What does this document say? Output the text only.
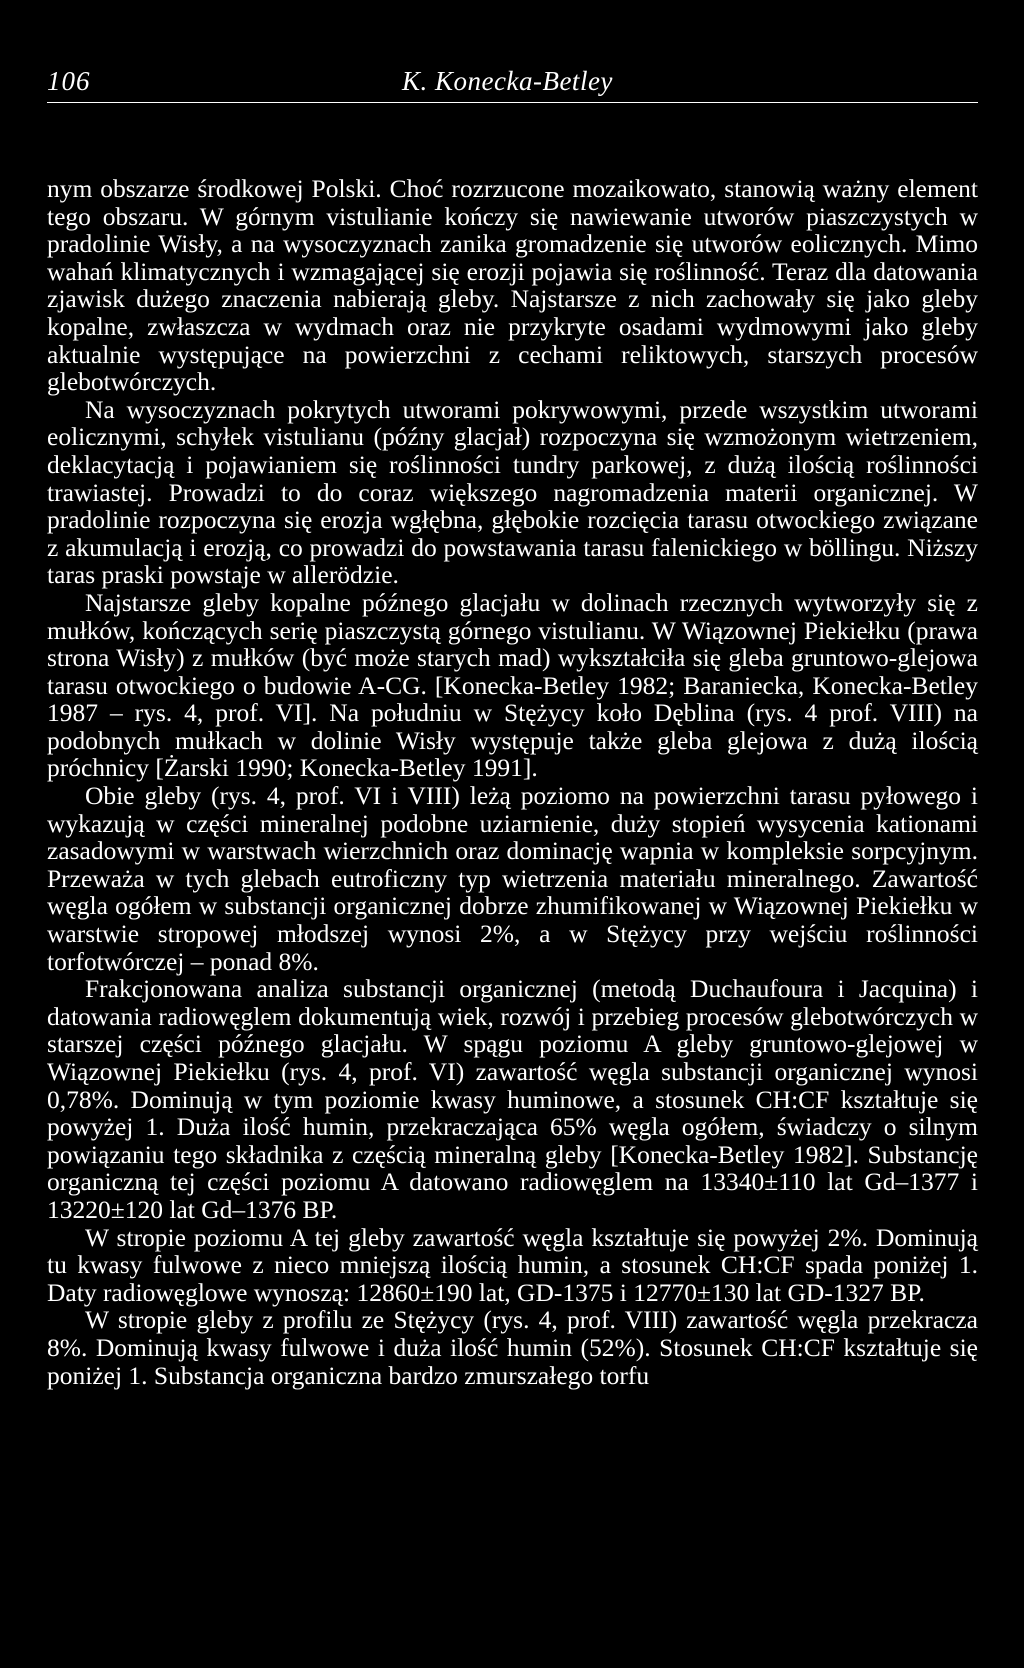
106	K. Konecka-Betley

nym obszarze środkowej Polski. Choć rozrzucone mozaikowato, stanowią ważny element tego obszaru. W górnym vistulianie kończy się nawiewanie utworów piaszczystych w pradolinie Wisły, a na wysoczyznach zanika gromadzenie się utworów eolicznych. Mimo wahań klimatycznych i wzmagającej się erozji pojawia się roślinność. Teraz dla datowania zjawisk dużego znaczenia nabierają gleby. Najstarsze z nich zachowały się jako gleby kopalne, zwłaszcza w wydmach oraz nie przykryte osadami wydmowymi jako gleby aktualnie występujące na powierzchni z cechami reliktowych, starszych procesów glebotwórczych.

Na wysoczyznach pokrytych utworami pokrywowymi, przede wszystkim utworami eolicznymi, schyłek vistulianu (późny glacjał) rozpoczyna się wzmożonym wietrzeniem, deklacytacją i pojawianiem się roślinności tundry parkowej, z dużą ilością roślinności trawiastej. Prowadzi to do coraz większego nagromadzenia materii organicznej. W pradolinie rozpoczyna się erozja wgłębna, głębokie rozcięcia tarasu otwockiego związane z akumulacją i erozją, co prowadzi do powstawania tarasu falenickiego w böllingu. Niższy taras praski powstaje w allerödzie.

Najstarsze gleby kopalne późnego glacjału w dolinach rzecznych wytworzyły się z mułków, kończących serię piaszczystą górnego vistulianu. W Wiązownej Piekiełku (prawa strona Wisły) z mułków (być może starych mad) wykształciła się gleba gruntowo-glejowa tarasu otwockiego o budowie A-CG. [Konecka-Betley 1982; Baraniecka, Konecka-Betley 1987 – rys. 4, prof. VI]. Na południu w Stężycy koło Dęblina (rys. 4 prof. VIII) na podobnych mułkach w dolinie Wisły występuje także gleba glejowa z dużą ilością próchnicy [Żarski 1990; Konecka-Betley 1991].

Obie gleby (rys. 4, prof. VI i VIII) leżą poziomo na powierzchni tarasu pyłowego i wykazują w części mineralnej podobne uziarnienie, duży stopień wysycenia kationami zasadowymi w warstwach wierzchnich oraz dominację wapnia w kompleksie sorpcyjnym. Przeważa w tych glebach eutroficzny typ wietrzenia materiału mineralnego. Zawartość węgla ogółem w substancji organicznej dobrze zhumifikowanej w Wiązownej Piekiełku w warstwie stropowej młodszej wynosi 2%, a w Stężycy przy wejściu roślinności torfotwórczej – ponad 8%.

Frakcjonowana analiza substancji organicznej (metodą Duchaufoura i Jacquina) i datowania radiowęglem dokumentują wiek, rozwój i przebieg procesów glebotwórczych w starszej części późnego glacjału. W spągu poziomu A gleby gruntowo-glejowej w Wiązownej Piekiełku (rys. 4, prof. VI) zawartość węgla substancji organicznej wynosi 0,78%. Dominują w tym poziomie kwasy huminowe, a stosunek CH:CF kształtuje się powyżej 1. Duża ilość humin, przekraczająca 65% węgla ogółem, świadczy o silnym powiązaniu tego składnika z częścią mineralną gleby [Konecka-Betley 1982]. Substancję organiczną tej części poziomu A datowano radiowęglem na 13340±110 lat Gd–1377 i 13220±120 lat Gd–1376 BP.

W stropie poziomu A tej gleby zawartość węgla kształtuje się powyżej 2%. Dominują tu kwasy fulwowe z nieco mniejszą ilością humin, a stosunek CH:CF spada poniżej 1. Daty radiowęglowe wynoszą: 12860±190 lat, GD-1375 i 12770±130 lat GD-1327 BP.

W stropie gleby z profilu ze Stężycy (rys. 4, prof. VIII) zawartość węgla przekracza 8%. Dominują kwasy fulwowe i duża ilość humin (52%). Stosunek CH:CF kształtuje się poniżej 1. Substancja organiczna bardzo zmurszałego torfu
